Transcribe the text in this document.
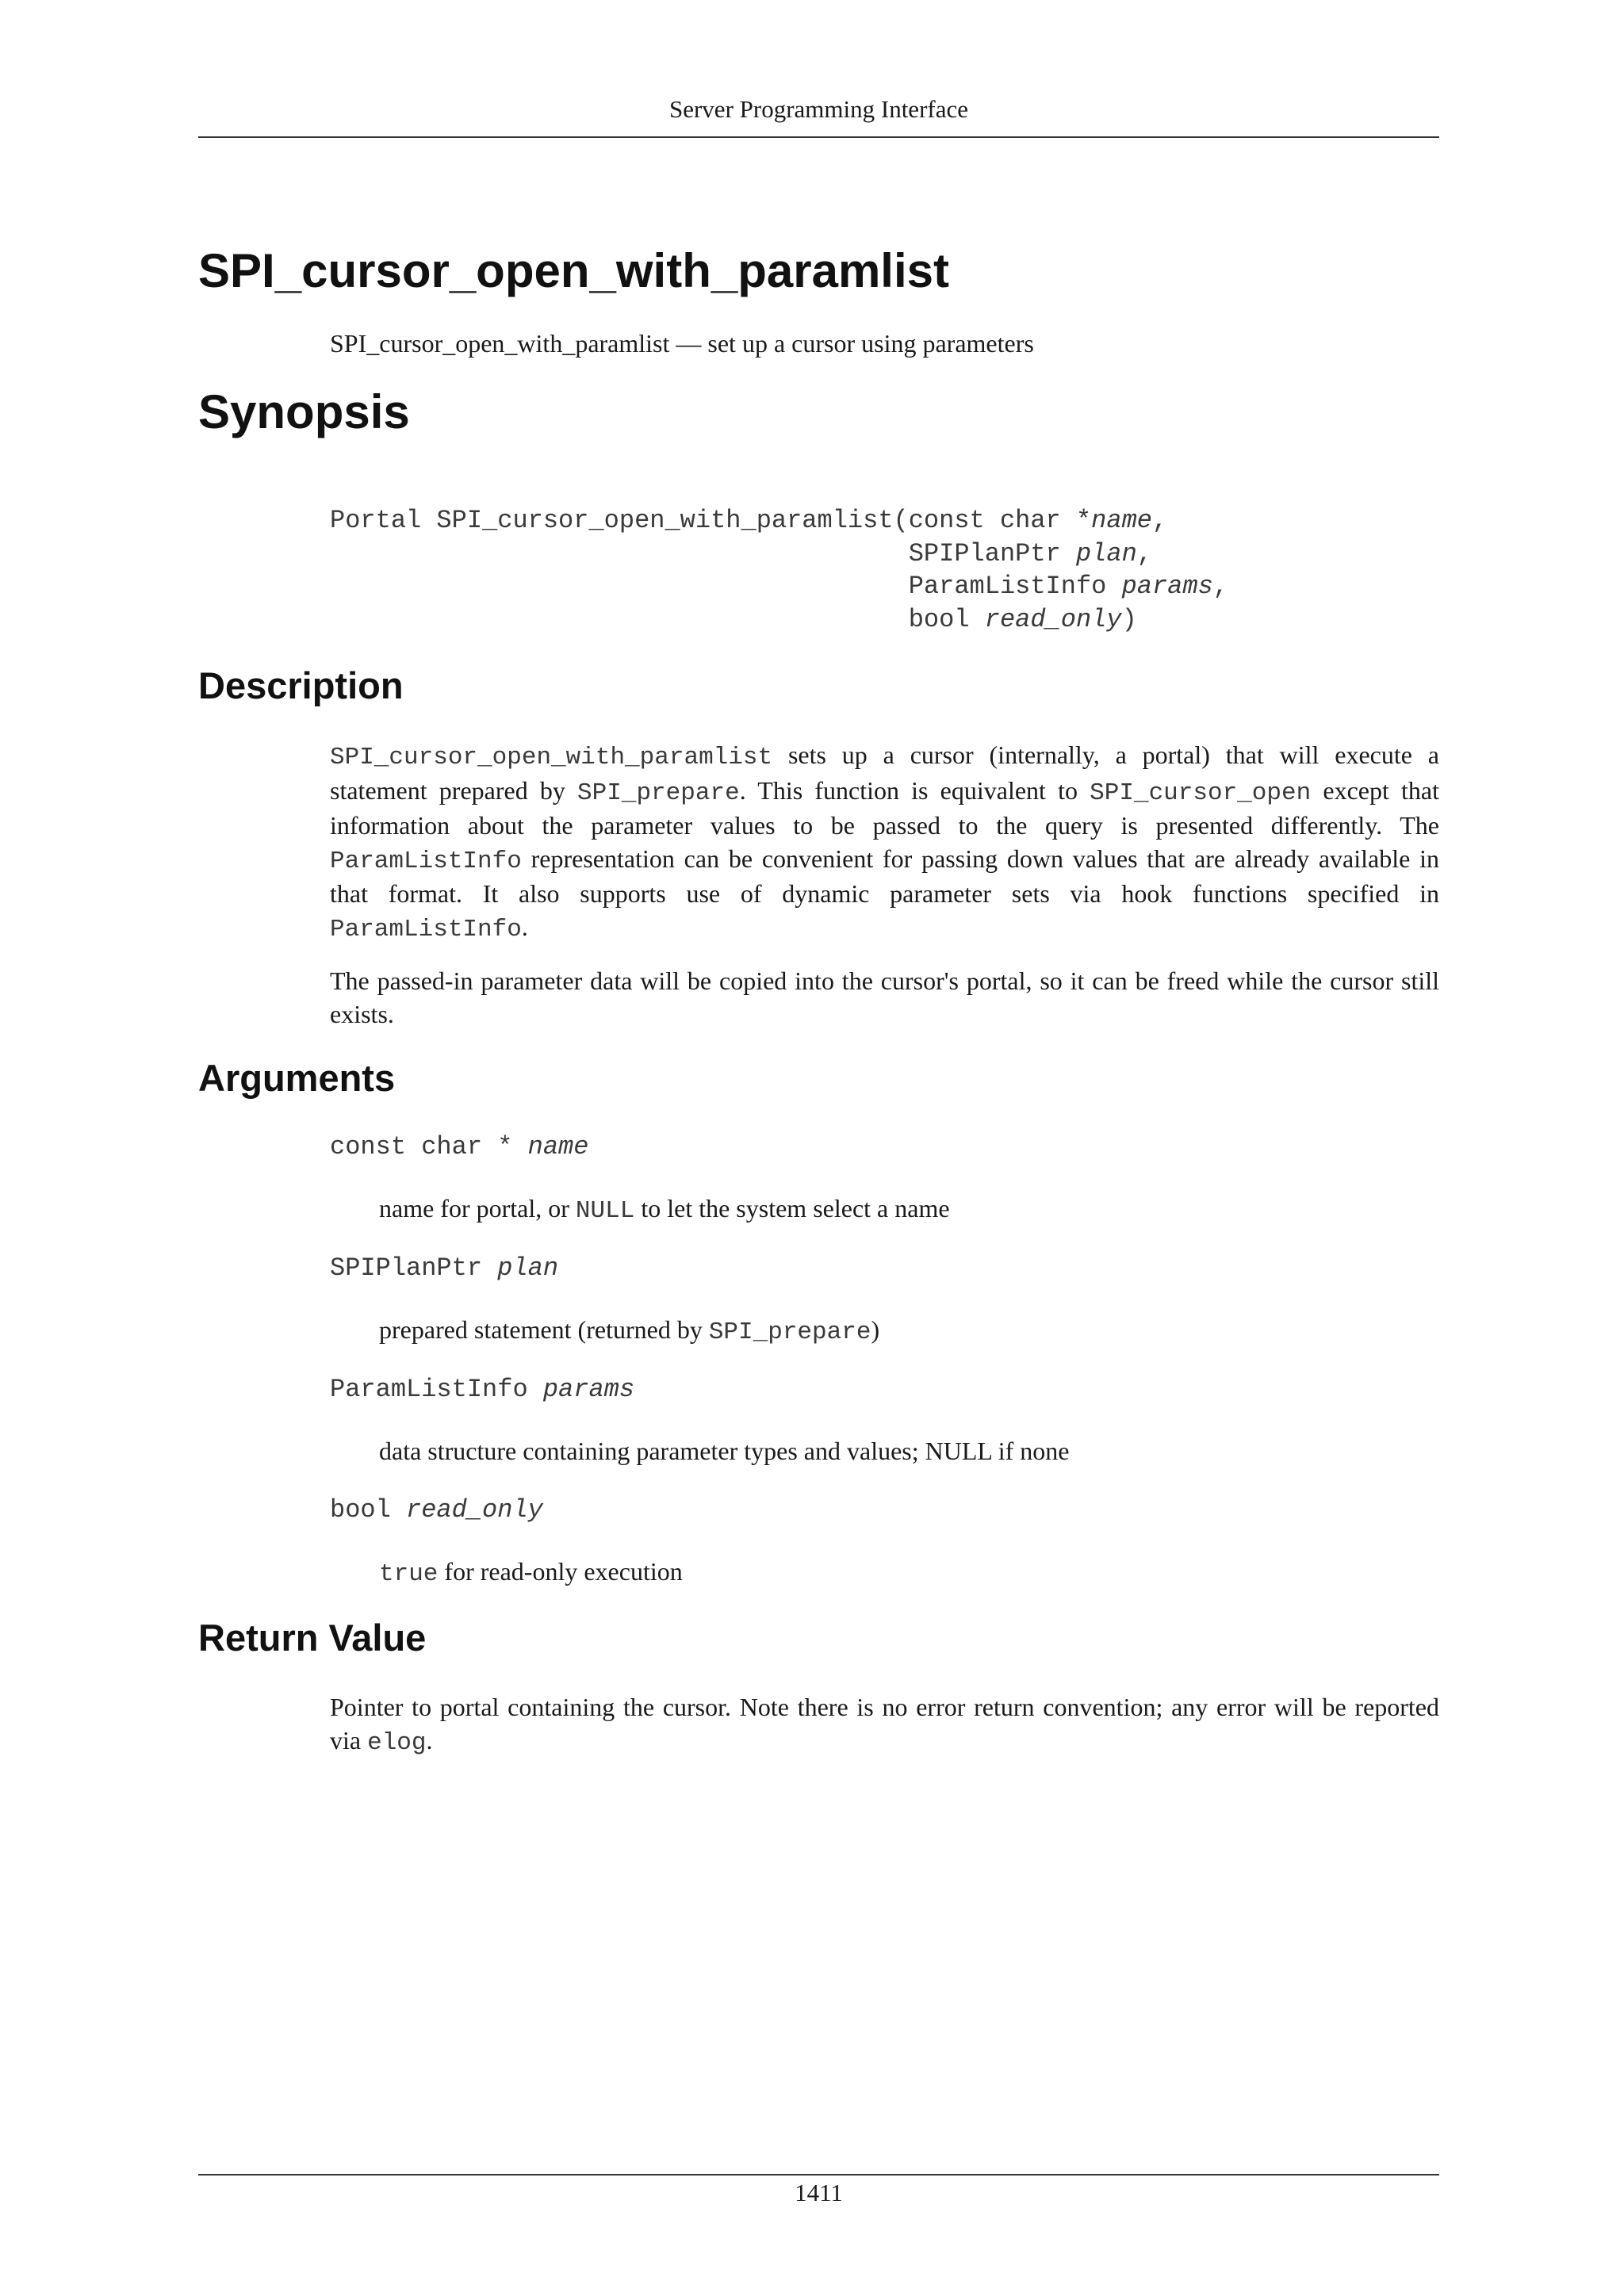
Server Programming Interface
SPI_cursor_open_with_paramlist
SPI_cursor_open_with_paramlist — set up a cursor using parameters
Synopsis
Portal SPI_cursor_open_with_paramlist(const char *name,
SPIPlanPtr plan,
ParamListInfo params,
bool read_only)
Description
SPI_cursor_open_with_paramlist sets up a cursor (internally, a portal) that will execute a statement prepared by SPI_prepare. This function is equivalent to SPI_cursor_open except that information about the parameter values to be passed to the query is presented differently. The ParamListInfo representation can be convenient for passing down values that are already available in that format. It also supports use of dynamic parameter sets via hook functions specified in ParamListInfo.
The passed-in parameter data will be copied into the cursor's portal, so it can be freed while the cursor still exists.
Arguments
const char * name
name for portal, or NULL to let the system select a name
SPIPlanPtr plan
prepared statement (returned by SPI_prepare)
ParamListInfo params
data structure containing parameter types and values; NULL if none
bool read_only
true for read-only execution
Return Value
Pointer to portal containing the cursor. Note there is no error return convention; any error will be reported via elog.
1411
